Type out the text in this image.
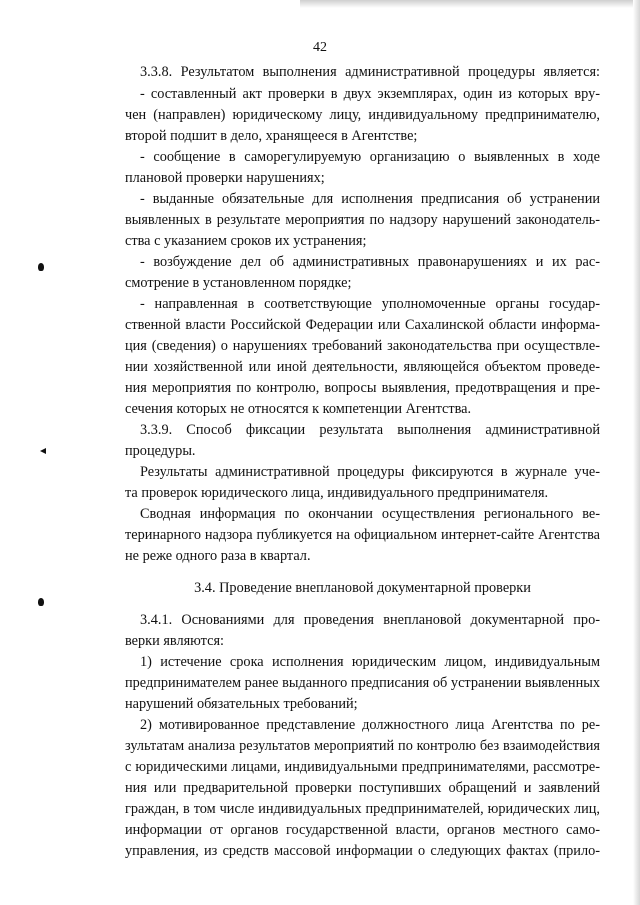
42
3.3.8. Результатом выполнения административной процедуры является:
- составленный акт проверки в двух экземплярах, один из которых вру-
чен (направлен) юридическому лицу, индивидуальному предпринимателю,
второй подшит в дело, хранящееся в Агентстве;
- сообщение в саморегулируемую организацию о выявленных в ходе
плановой проверки нарушениях;
- выданные обязательные для исполнения предписания об устранении
выявленных в результате мероприятия по надзору нарушений законодатель-
ства с указанием сроков их устранения;
- возбуждение дел об административных правонарушениях и их рас-
смотрение в установленном порядке;
- направленная в соответствующие уполномоченные органы государ-
ственной власти Российской Федерации или Сахалинской области информа-
ция (сведения) о нарушениях требований законодательства при осуществле-
нии хозяйственной или иной деятельности, являющейся объектом проведе-
ния мероприятия по контролю, вопросы выявления, предотвращения и пре-
сечения которых не относятся к компетенции Агентства.
3.3.9. Способ фиксации результата выполнения административной
процедуры.
Результаты административной процедуры фиксируются в журнале уче-
та проверок юридического лица, индивидуального предпринимателя.
Сводная информация по окончании осуществления регионального ве-
теринарного надзора публикуется на официальном интернет-сайте Агентства
не реже одного раза в квартал.
3.4. Проведение внеплановой документарной проверки
3.4.1. Основаниями для проведения внеплановой документарной про-
верки являются:
1) истечение срока исполнения юридическим лицом, индивидуальным
предпринимателем ранее выданного предписания об устранении выявленных
нарушений обязательных требований;
2) мотивированное представление должностного лица Агентства по ре-
зультатам анализа результатов мероприятий по контролю без взаимодействия
с юридическими лицами, индивидуальными предпринимателями, рассмотре-
ния или предварительной проверки поступивших обращений и заявлений
граждан, в том числе индивидуальных предпринимателей, юридических лиц,
информации от органов государственной власти, органов местного само-
управления, из средств массовой информации о следующих фактах (прило-
